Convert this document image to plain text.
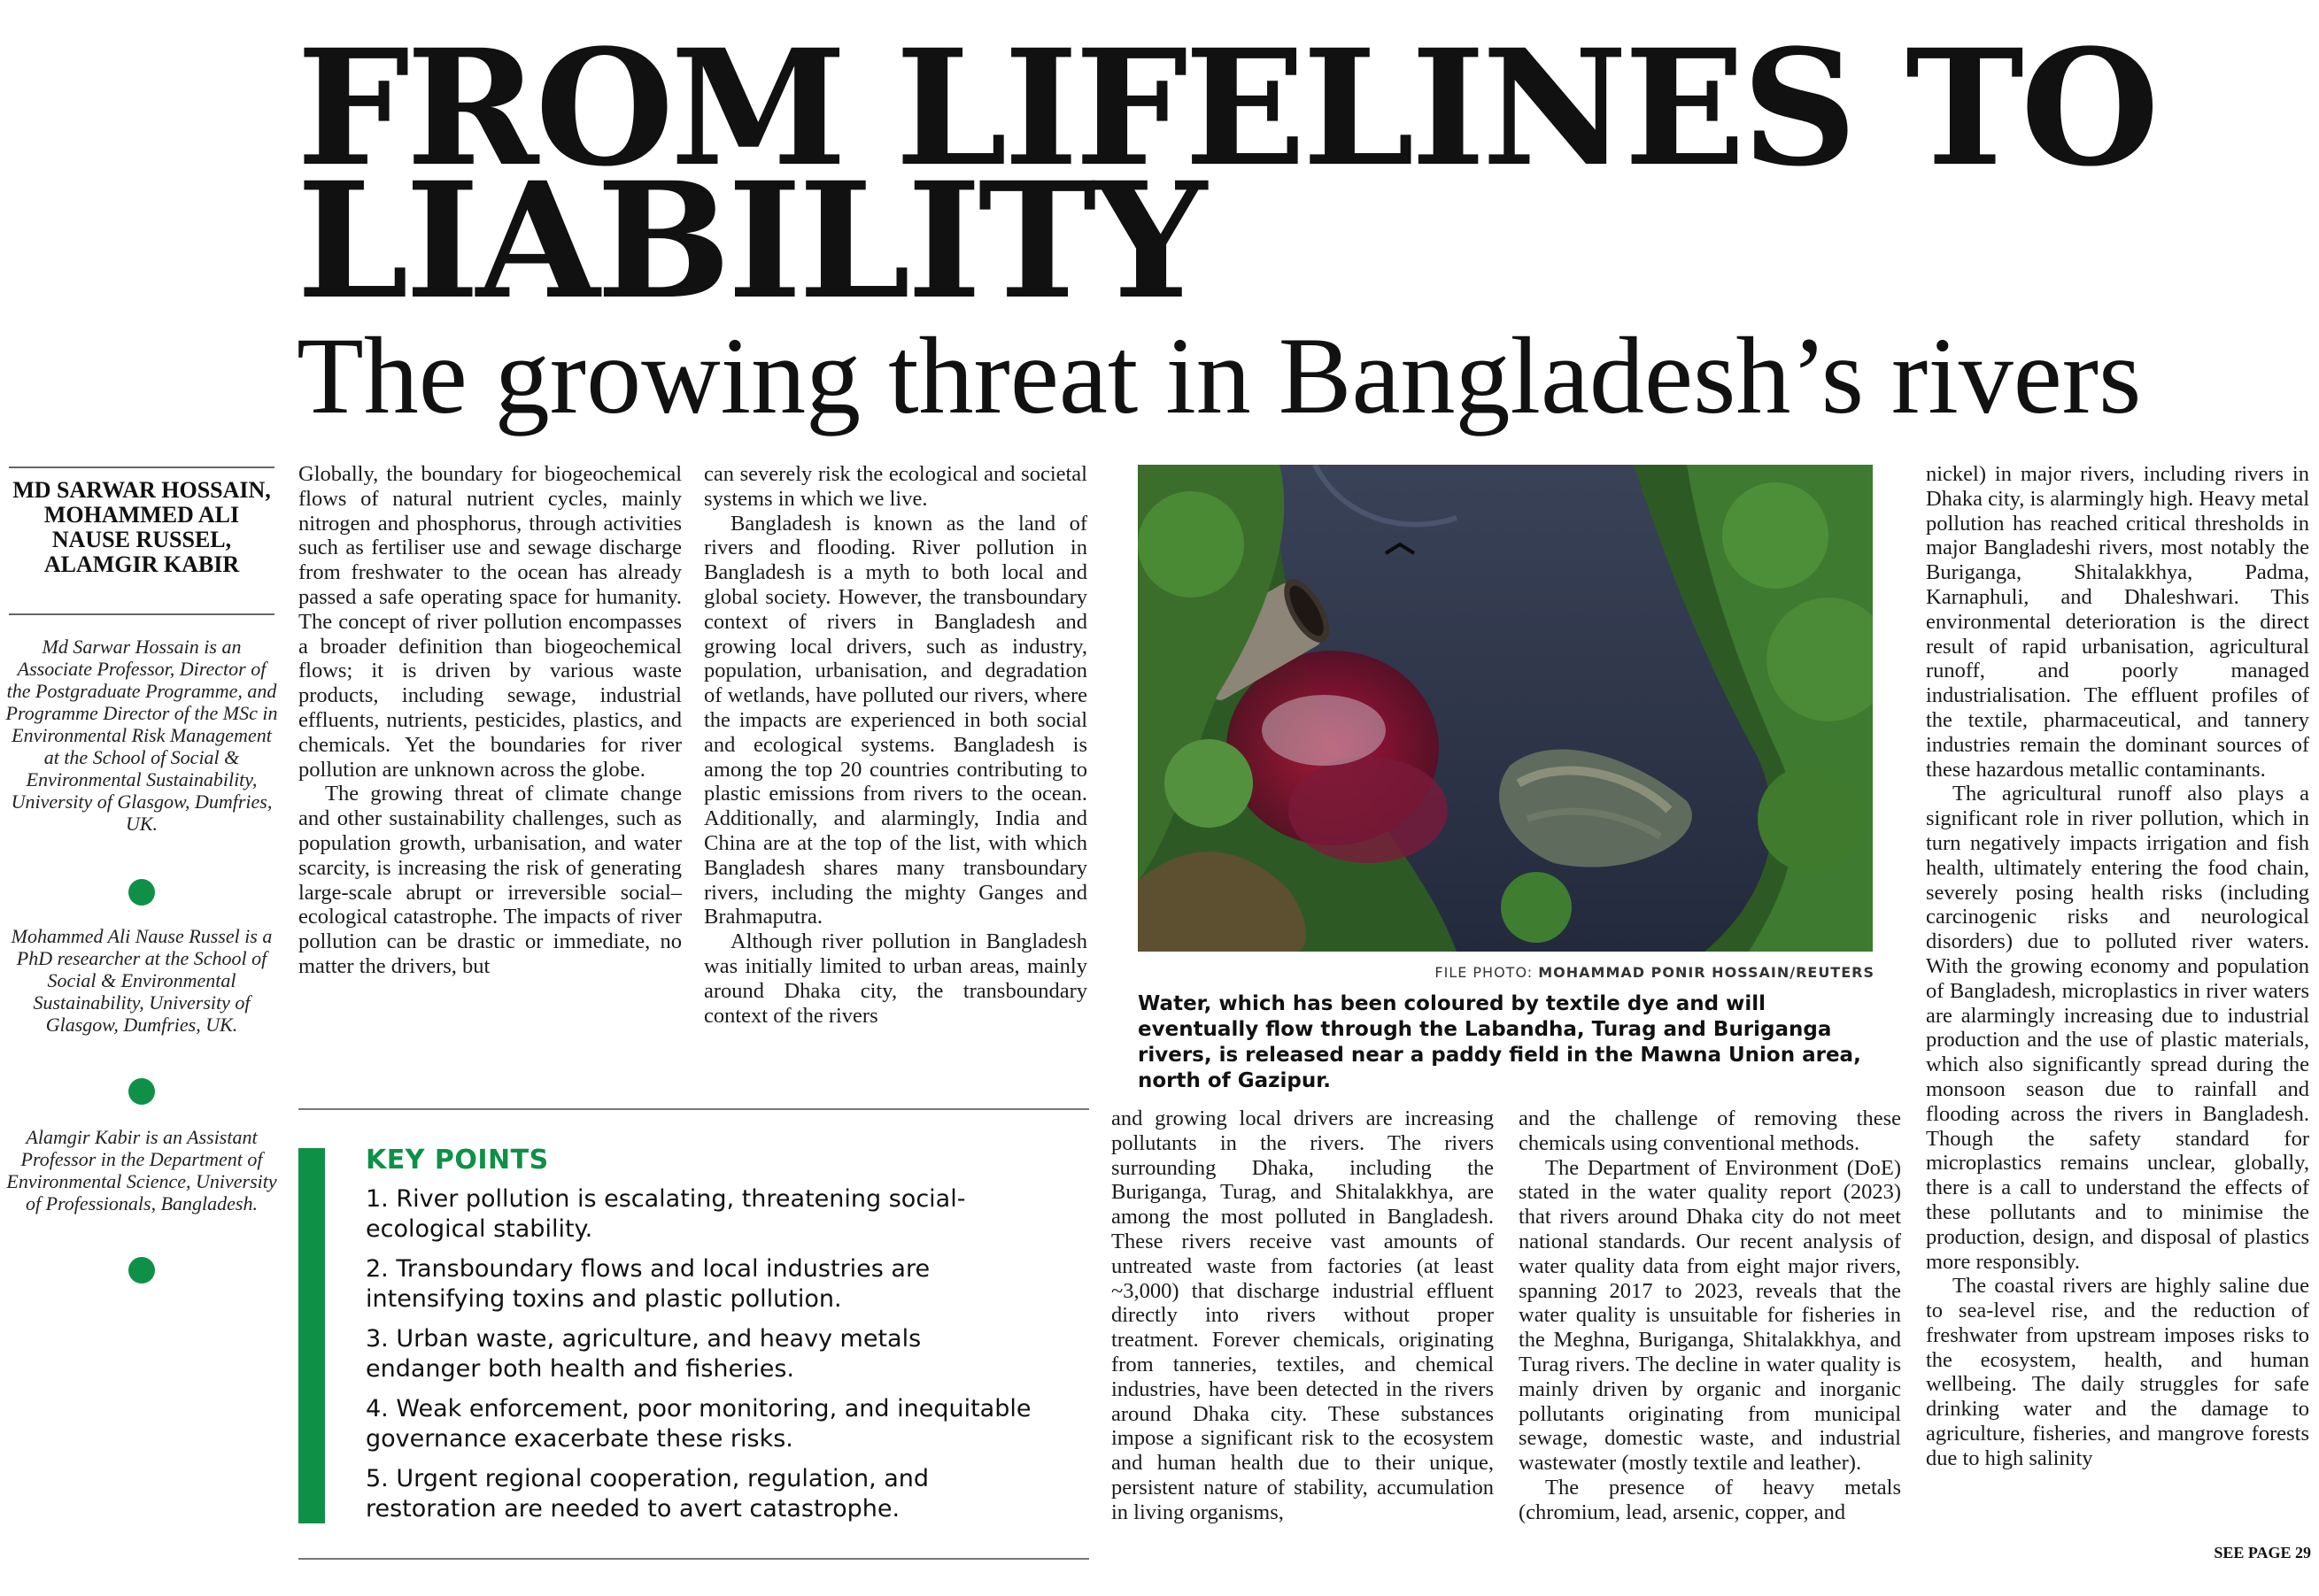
FROM LIFELINES TO
LIABILITY
The growing threat in Bangladesh’s rivers
MD SARWAR HOSSAIN, MOHAMMED ALI NAUSE RUSSEL, ALAMGIR KABIR
Md Sarwar Hossain is an Associate Professor, Director of the Postgraduate Programme, and Programme Director of the MSc in Environmental Risk Management at the School of Social & Environmental Sustainability, University of Glasgow, Dumfries, UK.
Mohammed Ali Nause Russel is a PhD researcher at the School of Social & Environmental Sustainability, University of Glasgow, Dumfries, UK.
Alamgir Kabir is an Assistant Professor in the Department of Environmental Science, University of Professionals, Bangladesh.

Globally, the boundary for biogeochemical flows of natural nutrient cycles, mainly nitrogen and phosphorus, through activities such as fertiliser use and sewage discharge from freshwater to the ocean has already passed a safe operating space for humanity. The concept of river pollution encompasses a broader definition than biogeochemical flows; it is driven by various waste products, including sewage, industrial effluents, nutrients, pesticides, plastics, and chemicals. Yet the boundaries for river pollution are unknown across the globe.

The growing threat of climate change and other sustainability challenges, such as population growth, urbanisation, and water scarcity, is increasing the risk of generating large-scale abrupt or irreversible social–ecological catastrophe. The impacts of river pollution can be drastic or immediate, no matter the drivers, but

can severely risk the ecological and societal systems in which we live.

Bangladesh is known as the land of rivers and flooding. River pollution in Bangladesh is a myth to both local and global society. However, the transboundary context of rivers in Bangladesh and growing local drivers, such as industry, population, urbanisation, and degradation of wetlands, have polluted our rivers, where the impacts are experienced in both social and ecological systems. Bangladesh is among the top 20 countries contributing to plastic emissions from rivers to the ocean. Additionally, and alarmingly, India and China are at the top of the list, with which Bangladesh shares many transboundary rivers, including the mighty Ganges and Brahmaputra.

Although river pollution in Bangladesh was initially limited to urban areas, mainly around Dhaka city, the transboundary context of the rivers

KEY POINTS
1. River pollution is escalating, threatening social-ecological stability.
2. Transboundary flows and local industries are intensifying toxins and plastic pollution.
3. Urban waste, agriculture, and heavy metals endanger both health and fisheries.
4. Weak enforcement, poor monitoring, and inequitable governance exacerbate these risks.
5. Urgent regional cooperation, regulation, and restoration are needed to avert catastrophe.
FILE PHOTO: MOHAMMAD PONIR HOSSAIN/REUTERS
Water, which has been coloured by textile dye and will eventually flow through the Labandha, Turag and Buriganga rivers, is released near a paddy field in the Mawna Union area, north of Gazipur.

and growing local drivers are increasing pollutants in the rivers. The rivers surrounding Dhaka, including the Buriganga, Turag, and Shitalakkhya, are among the most polluted in Bangladesh. These rivers receive vast amounts of untreated waste from factories (at least ~3,000) that discharge industrial effluent directly into rivers without proper treatment. Forever chemicals, originating from tanneries, textiles, and chemical industries, have been detected in the rivers around Dhaka city. These substances impose a significant risk to the ecosystem and human health due to their unique, persistent nature of stability, accumulation in living organisms,

and the challenge of removing these chemicals using conventional methods.

The Department of Environment (DoE) stated in the water quality report (2023) that rivers around Dhaka city do not meet national standards. Our recent analysis of water quality data from eight major rivers, spanning 2017 to 2023, reveals that the water quality is unsuitable for fisheries in the Meghna, Buriganga, Shitalakkhya, and Turag rivers. The decline in water quality is mainly driven by organic and inorganic pollutants originating from municipal sewage, domestic waste, and industrial wastewater (mostly textile and leather).

The presence of heavy metals (chromium, lead, arsenic, copper, and

nickel) in major rivers, including rivers in Dhaka city, is alarmingly high. Heavy metal pollution has reached critical thresholds in major Bangladeshi rivers, most notably the Buriganga, Shitalakkhya, Padma, Karnaphuli, and Dhaleshwari. This environmental deterioration is the direct result of rapid urbanisation, agricultural runoff, and poorly managed industrialisation. The effluent profiles of the textile, pharmaceutical, and tannery industries remain the dominant sources of these hazardous metallic contaminants.

The agricultural runoff also plays a significant role in river pollution, which in turn negatively impacts irrigation and fish health, ultimately entering the food chain, severely posing health risks (including carcinogenic risks and neurological disorders) due to polluted river waters. With the growing economy and population of Bangladesh, microplastics in river waters are alarmingly increasing due to industrial production and the use of plastic materials, which also significantly spread during the monsoon season due to rainfall and flooding across the rivers in Bangladesh. Though the safety standard for microplastics remains unclear, globally, there is a call to understand the effects of these pollutants and to minimise the production, design, and disposal of plastics more responsibly.

The coastal rivers are highly saline due to sea-level rise, and the reduction of freshwater from upstream imposes risks to the ecosystem, health, and human wellbeing. The daily struggles for safe drinking water and the damage to agriculture, fisheries, and mangrove forests due to high salinity

SEE PAGE 29
